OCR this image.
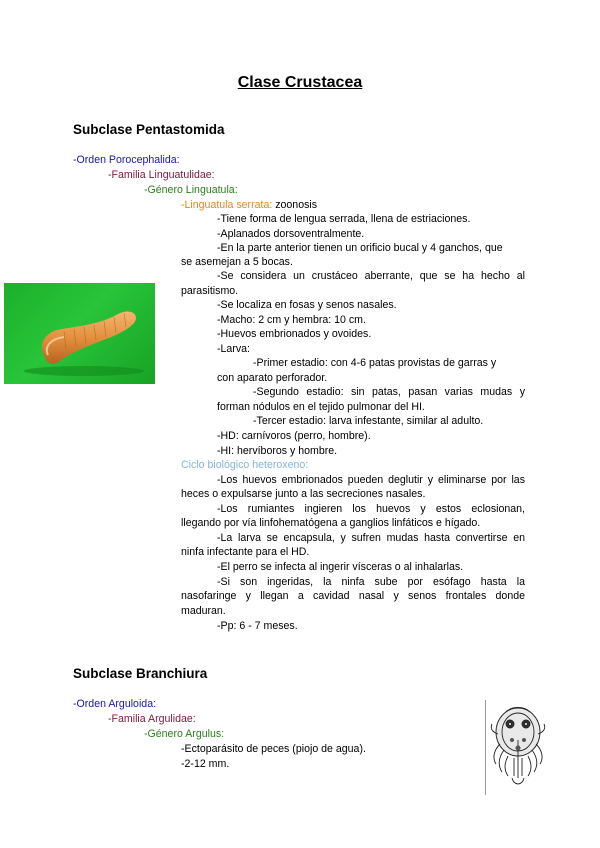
Clase Crustacea
Subclase Pentastomida
-Orden Porocephalida:
-Familia Linguatulidae:
-Género Linguatula:
-Linguatula serrata: zoonosis
-Tiene forma de lengua serrada, llena de estriaciones.
-Aplanados dorsoventralmente.
-En la parte anterior tienen un orificio bucal y 4 ganchos, que
se asemejan a 5 bocas.
-Se considera un crustáceo aberrante, que se ha hecho al
parasitismo.
-Se localiza en fosas y senos nasales.
-Macho: 2 cm y hembra: 10 cm.
-Huevos embrionados y ovoides.
-Larva:
-Primer estadio: con 4-6 patas provistas de garras y
con aparato perforador.
-Segundo estadio: sin patas, pasan varias mudas y
forman nódulos en el tejido pulmonar del HI.
-Tercer estadio: larva infestante, similar al adulto.
-HD: carnívoros (perro, hombre).
-HI: hervíboros y hombre.
Ciclo biológico heteroxeno:
-Los huevos embrionados pueden deglutir y eliminarse por las
heces o expulsarse junto a las secreciones nasales.
-Los rumiantes ingieren los huevos y estos eclosionan,
llegando por vía linfohematógena a ganglios linfáticos e hígado.
-La larva se encapsula, y sufren mudas hasta convertirse en
ninfa infectante para el HD.
-El perro se infecta al ingerir vísceras o al inhalarlas.
-Si son ingeridas, la ninfa sube por esófago hasta la
nasofaringe y llegan a cavidad nasal y senos frontales donde
maduran.
-Pp: 6 - 7 meses.
Subclase Branchiura
-Orden Arguloida:
-Familia Argulidae:
-Género Argulus:
-Ectoparásito de peces (piojo de agua).
-2-12 mm.
